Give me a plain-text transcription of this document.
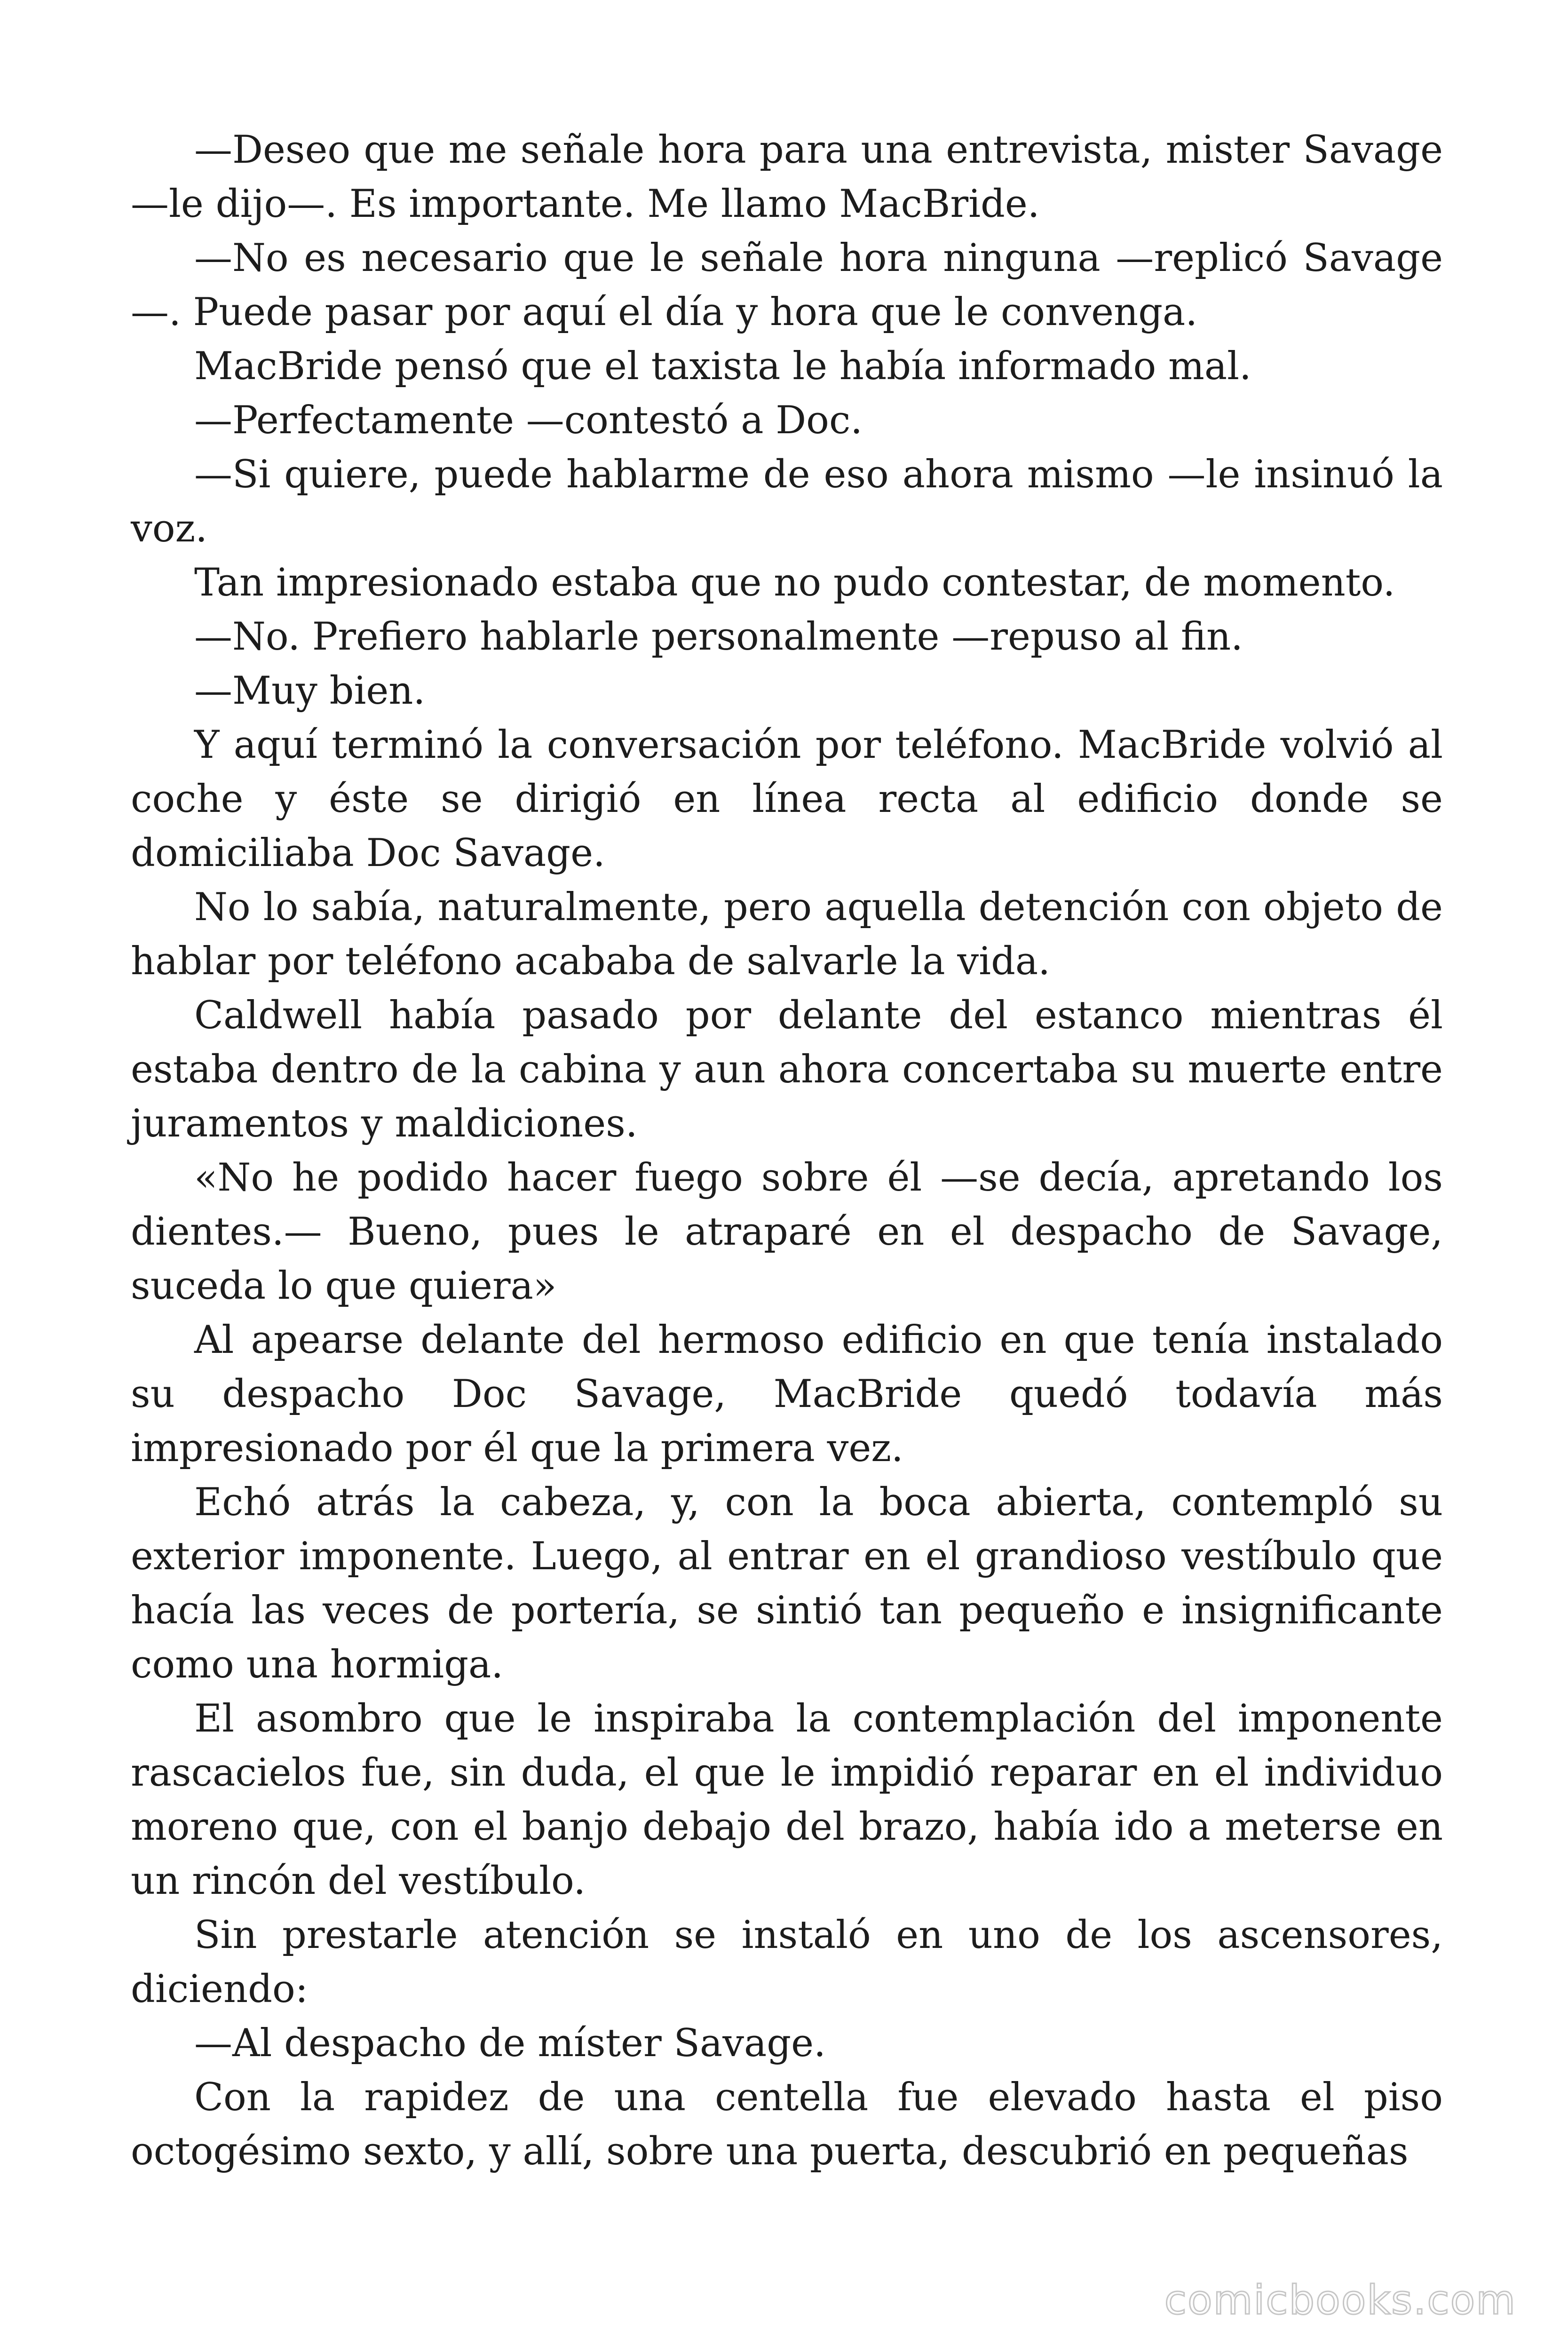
—Deseo que me señale hora para una entrevista, mister Savage —le dijo—. Es importante. Me llamo MacBride.

—No es necesario que le señale hora ninguna —replicó Savage—. Puede pasar por aquí el día y hora que le convenga.

MacBride pensó que el taxista le había informado mal.

—Perfectamente —contestó a Doc.

—Si quiere, puede hablarme de eso ahora mismo —le insinuó la voz.

Tan impresionado estaba que no pudo contestar, de momento.

—No. Prefiero hablarle personalmente —repuso al fin.

—Muy bien.

Y aquí terminó la conversación por teléfono. MacBride volvió al coche y éste se dirigió en línea recta al edificio donde se domiciliaba Doc Savage.

No lo sabía, naturalmente, pero aquella detención con objeto de hablar por teléfono acababa de salvarle la vida.

Caldwell había pasado por delante del estanco mientras él estaba dentro de la cabina y aun ahora concertaba su muerte entre juramentos y maldiciones.

«No he podido hacer fuego sobre él —se decía, apretando los dientes.— Bueno, pues le atraparé en el despacho de Savage, suceda lo que quiera»

Al apearse delante del hermoso edificio en que tenía instalado su despacho Doc Savage, MacBride quedó todavía más impresionado por él que la primera vez.

Echó atrás la cabeza, y, con la boca abierta, contempló su exterior imponente. Luego, al entrar en el grandioso vestíbulo que hacía las veces de portería, se sintió tan pequeño e insignificante como una hormiga.

El asombro que le inspiraba la contemplación del imponente rascacielos fue, sin duda, el que le impidió reparar en el individuo moreno que, con el banjo debajo del brazo, había ido a meterse en un rincón del vestíbulo.

Sin prestarle atención se instaló en uno de los ascensores, diciendo:

—Al despacho de míster Savage.

Con la rapidez de una centella fue elevado hasta el piso octogésimo sexto, y allí, sobre una puerta, descubrió en pequeñas

comicbooks.com
